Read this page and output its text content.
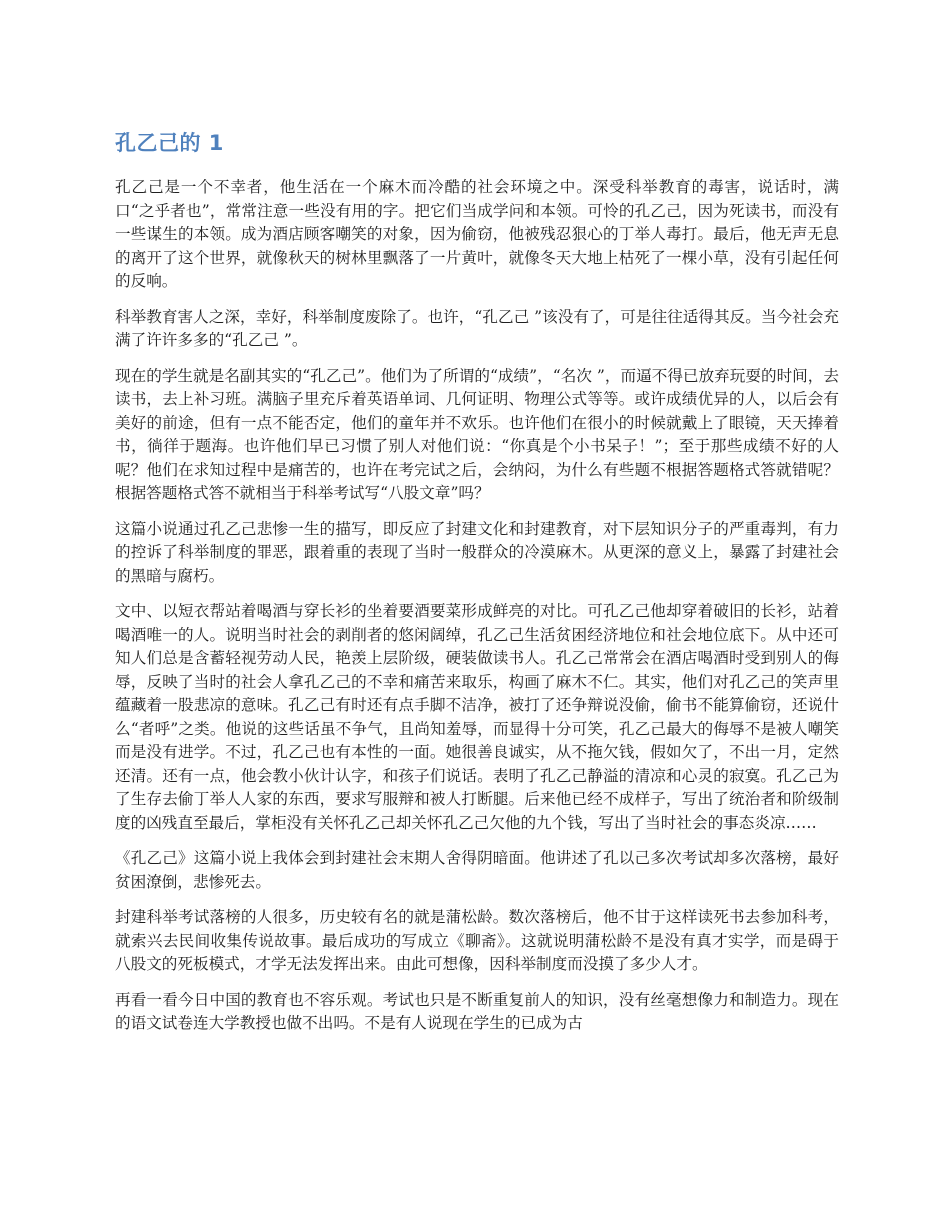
孔乙己的 1

孔乙己是一个不幸者，他生活在一个麻木而冷酷的社会环境之中。深受科举教育的毒害，说话时，满口“之乎者也”，常常注意一些没有用的字。把它们当成学问和本领。可怜的孔乙己，因为死读书，而没有一些谋生的本领。成为酒店顾客嘲笑的对象，因为偷窃，他被残忍狠心的丁举人毒打。最后，他无声无息的离开了这个世界，就像秋天的树林里飘落了一片黄叶，就像冬天大地上枯死了一棵小草，没有引起任何的反响。

科举教育害人之深，幸好，科举制度废除了。也许，“孔乙己 ”该没有了，可是往往适得其反。当今社会充满了许许多多的“孔乙己 ”。

现在的学生就是名副其实的“孔乙己”。他们为了所谓的“成绩”，“名次 ”，而逼不得已放弃玩耍的时间，去读书，去上补习班。满脑子里充斥着英语单词、几何证明、物理公式等等。或许成绩优异的人，以后会有美好的前途，但有一点不能否定，他们的童年并不欢乐。也许他们在很小的时候就戴上了眼镜，天天捧着书，徜徉于题海。也许他们早已习惯了别人对他们说：“你真是个小书呆子！”；至于那些成绩不好的人呢？他们在求知过程中是痛苦的，也许在考完试之后，会纳闷，为什么有些题不根据答题格式答就错呢？根据答题格式答不就相当于科举考试写“八股文章”吗？

这篇小说通过孔乙己悲惨一生的描写，即反应了封建文化和封建教育，对下层知识分子的严重毒判，有力的控诉了科举制度的罪恶，跟着重的表现了当时一般群众的冷漠麻木。从更深的意义上，暴露了封建社会的黑暗与腐朽。

文中、以短衣帮站着喝酒与穿长衫的坐着要酒要菜形成鲜亮的对比。可孔乙己他却穿着破旧的长衫，站着喝酒唯一的人。说明当时社会的剥削者的悠闲阔绰，孔乙己生活贫困经济地位和社会地位底下。从中还可知人们总是含蓄轻视劳动人民，艳羡上层阶级，硬装做读书人。孔乙己常常会在酒店喝酒时受到别人的侮辱，反映了当时的社会人拿孔乙己的不幸和痛苦来取乐，构画了麻木不仁。其实，他们对孔乙己的笑声里蕴藏着一股悲凉的意味。孔乙己有时还有点手脚不洁净，被打了还争辩说没偷，偷书不能算偷窃，还说什么“者呼”之类。他说的这些话虽不争气，且尚知羞辱，而显得十分可笑，孔乙己最大的侮辱不是被人嘲笑而是没有进学。不过，孔乙己也有本性的一面。她很善良诚实，从不拖欠钱，假如欠了，不出一月，定然还清。还有一点，他会教小伙计认字，和孩子们说话。表明了孔乙己静溢的清凉和心灵的寂寞。孔乙己为了生存去偷丁举人人家的东西，要求写服辩和被人打断腿。后来他已经不成样子，写出了统治者和阶级制度的凶残直至最后，掌柜没有关怀孔乙己却关怀孔乙己欠他的九个钱，写出了当时社会的事态炎凉……

《孔乙己》这篇小说上我体会到封建社会末期人舍得阴暗面。他讲述了孔以己多次考试却多次落榜，最好贫困潦倒，悲惨死去。

封建科举考试落榜的人很多，历史较有名的就是蒲松龄。数次落榜后，他不甘于这样读死书去参加科考，就索兴去民间收集传说故事。最后成功的写成立《聊斋》。这就说明蒲松龄不是没有真才实学，而是碍于八股文的死板模式，才学无法发挥出来。由此可想像，因科举制度而没摸了多少人才。

再看一看今日中国的教育也不容乐观。考试也只是不断重复前人的知识，没有丝毫想像力和制造力。现在的语文试卷连大学教授也做不出吗。不是有人说现在学生的已成为古
